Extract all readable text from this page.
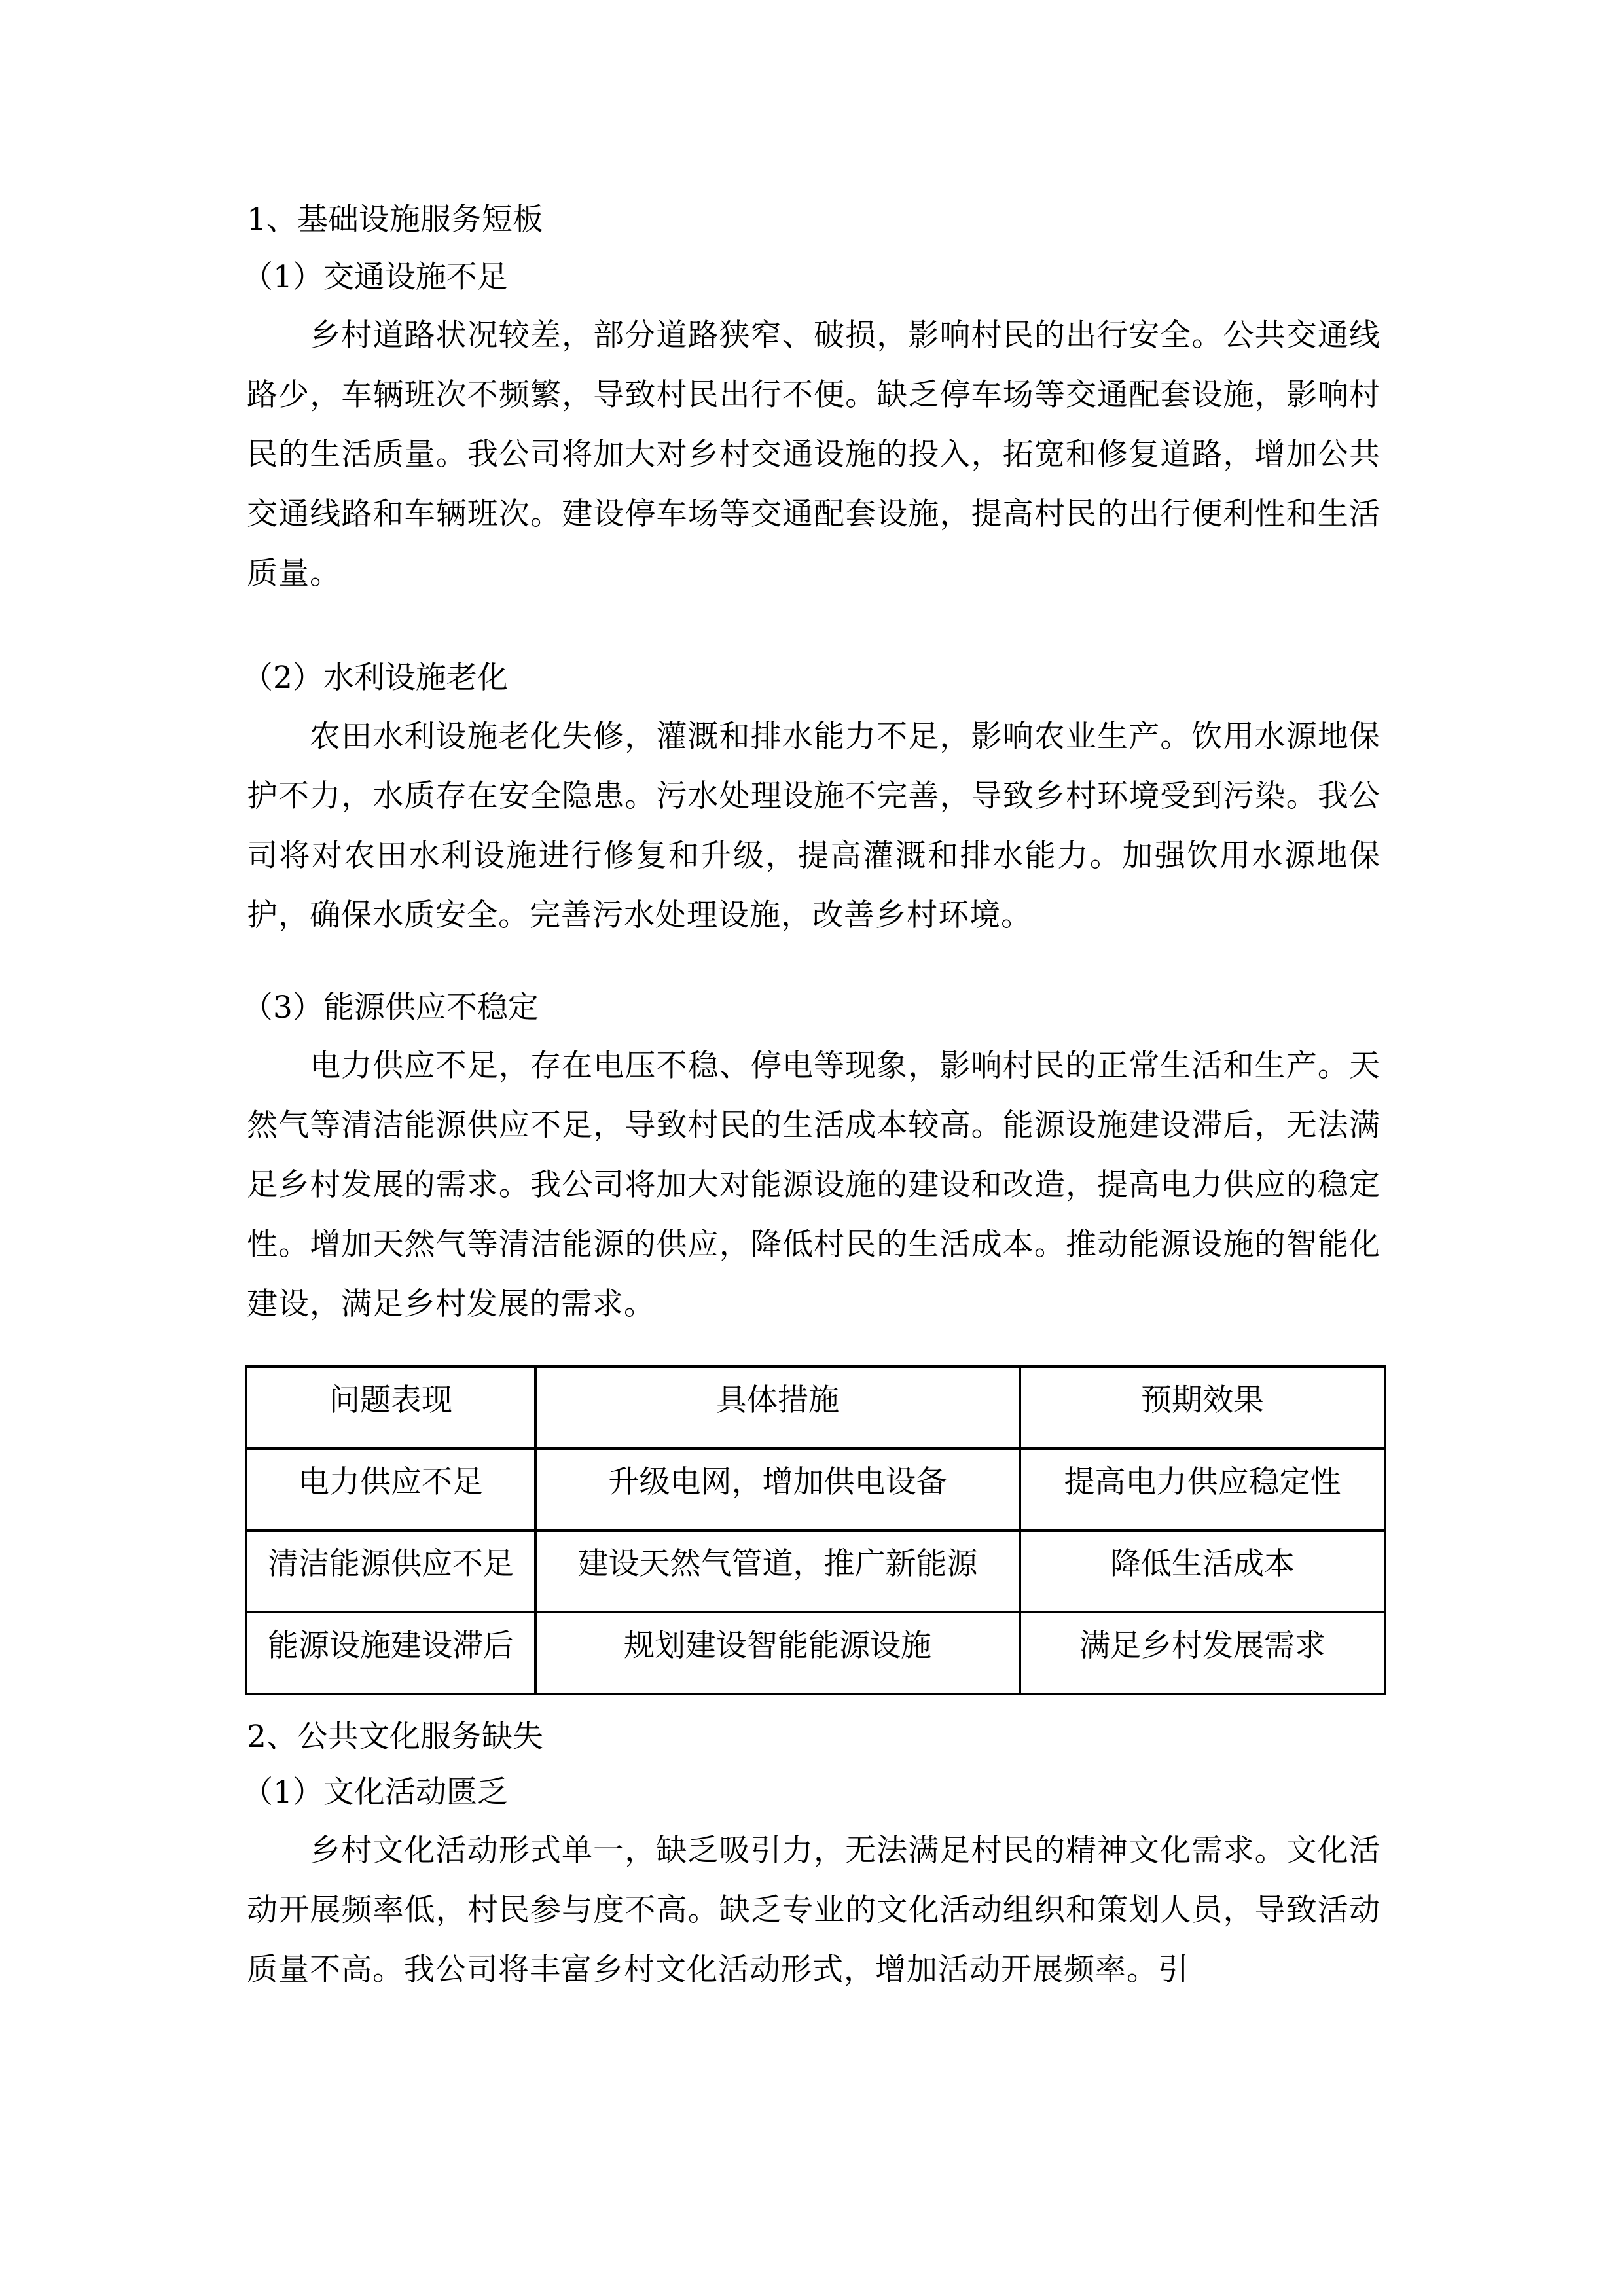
1、基础设施服务短板

（1）交通设施不足

乡村道路状况较差，部分道路狭窄、破损，影响村民的出行安全。公共交通线路少，车辆班次不频繁，导致村民出行不便。缺乏停车场等交通配套设施，影响村民的生活质量。我公司将加大对乡村交通设施的投入，拓宽和修复道路，增加公共交通线路和车辆班次。建设停车场等交通配套设施，提高村民的出行便利性和生活质量。

（2）水利设施老化

农田水利设施老化失修，灌溉和排水能力不足，影响农业生产。饮用水源地保护不力，水质存在安全隐患。污水处理设施不完善，导致乡村环境受到污染。我公司将对农田水利设施进行修复和升级，提高灌溉和排水能力。加强饮用水源地保护，确保水质安全。完善污水处理设施，改善乡村环境。

（3）能源供应不稳定

电力供应不足，存在电压不稳、停电等现象，影响村民的正常生活和生产。天然气等清洁能源供应不足，导致村民的生活成本较高。能源设施建设滞后，无法满足乡村发展的需求。我公司将加大对能源设施的建设和改造，提高电力供应的稳定性。增加天然气等清洁能源的供应，降低村民的生活成本。推动能源设施的智能化建设，满足乡村发展的需求。

问题表现	具体措施	预期效果
电力供应不足	升级电网，增加供电设备	提高电力供应稳定性
清洁能源供应不足	建设天然气管道，推广新能源	降低生活成本
能源设施建设滞后	规划建设智能能源设施	满足乡村发展需求

2、公共文化服务缺失

（1）文化活动匮乏

乡村文化活动形式单一，缺乏吸引力，无法满足村民的精神文化需求。文化活动开展频率低，村民参与度不高。缺乏专业的文化活动组织和策划人员，导致活动质量不高。我公司将丰富乡村文化活动形式，增加活动开展频率。引
